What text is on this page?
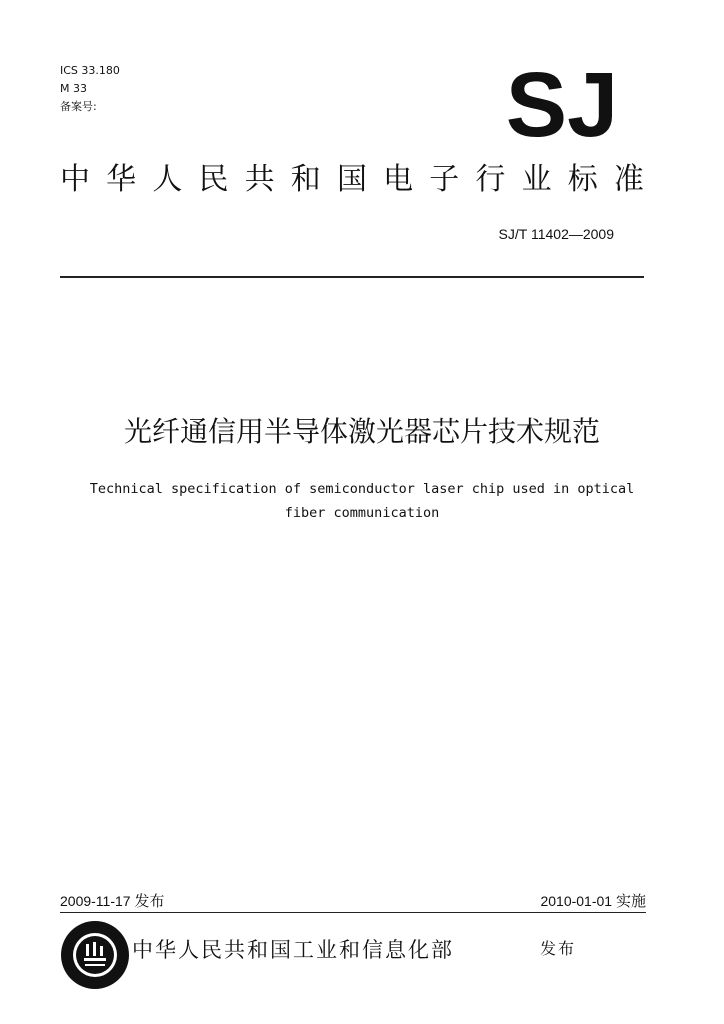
ICS 33.180
M 33
备案号:	SJ
中 华 人 民 共 和 国 电 子 行 业 标 准
SJ/T 11402—2009
光纤通信用半导体激光器芯片技术规范
Technical specification of semiconductor laser chip used in optical
fiber communication
2009-11-17 发布	2010-01-01 实施
中华人民共和国工业和信息化部	发布
